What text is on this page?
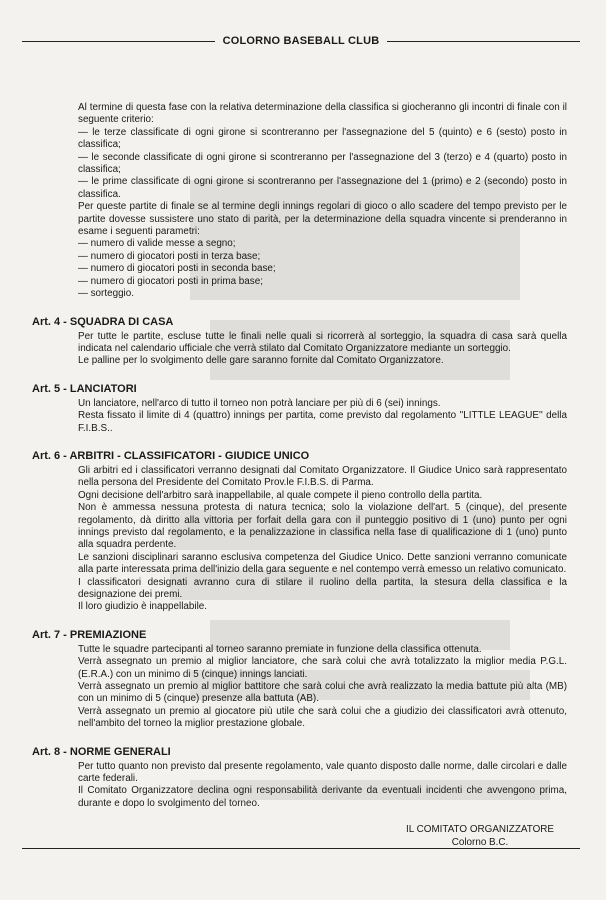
COLORNO BASEBALL CLUB

Al termine di questa fase con la relativa determinazione della classifica si giocheranno gli incontri di finale con il seguente criterio:

— le terze classificate di ogni girone si scontreranno per l'assegnazione del 5 (quinto) e 6 (sesto) posto in classifica;

— le seconde classificate di ogni girone si scontreranno per l'assegnazione del 3 (terzo) e 4 (quarto) posto in classifica;

— le prime classificate di ogni girone si scontreranno per l'assegnazione del 1 (primo) e 2 (secondo) posto in classifica.

Per queste partite di finale se al termine degli innings regolari di gioco o allo scadere del tempo previsto per le partite dovesse sussistere uno stato di parità, per la determinazione della squadra vincente si prenderanno in esame i seguenti parametri:

— numero di valide messe a segno;

— numero di giocatori posti in terza base;

— numero di giocatori posti in seconda base;

— numero di giocatori posti in prima base;

— sorteggio.

Art. 4 - SQUADRA DI CASA

Per tutte le partite, escluse tutte le finali nelle quali si ricorrerà al sorteggio, la squadra di casa sarà quella indicata nel calendario ufficiale che verrà stilato dal Comitato Organizzatore mediante un sorteggio.

Le palline per lo svolgimento delle gare saranno fornite dal Comitato Organizzatore.

Art. 5 - LANCIATORI

Un lanciatore, nell'arco di tutto il torneo non potrà lanciare per più di 6 (sei) innings.

Resta fissato il limite di 4 (quattro) innings per partita, come previsto dal regolamento ''LITTLE LEAGUE'' della F.I.B.S..

Art. 6 - ARBITRI - CLASSIFICATORI - GIUDICE UNICO

Gli arbitri ed i classificatori verranno designati dal Comitato Organizzatore. Il Giudice Unico sarà rappresentato nella persona del Presidente del Comitato Prov.le F.I.B.S. di Parma.

Ogni decisione dell'arbitro sarà inappellabile, al quale compete il pieno controllo della partita.

Non è ammessa nessuna protesta di natura tecnica; solo la violazione dell'art. 5 (cinque), del presente regolamento, dà diritto alla vittoria per forfait della gara con il punteggio positivo di 1 (uno) punto per ogni innings previsto dal regolamento, e la penalizzazione in classifica nella fase di qualificazione di 1 (uno) punto alla squadra perdente.

Le sanzioni disciplinari saranno esclusiva competenza del Giudice Unico. Dette sanzioni verranno comunicate alla parte interessata prima dell'inizio della gara seguente e nel contempo verrà emesso un relativo comunicato.

I classificatori designati avranno cura di stilare il ruolino della partita, la stesura della classifica e la designazione dei premi.

Il loro giudizio è inappellabile.

Art. 7 - PREMIAZIONE

Tutte le squadre partecipanti al torneo saranno premiate in funzione della classifica ottenuta.

Verrà assegnato un premio al miglior lanciatore, che sarà colui che avrà totalizzato la miglior media P.G.L. (E.R.A.) con un minimo di 5 (cinque) innings lanciati.

Verrà assegnato un premio al miglior battitore che sarà colui che avrà realizzato la media battute più alta (MB) con un minimo di 5 (cinque) presenze alla battuta (AB).

Verrà assegnato un premio al giocatore più utile che sarà colui che a giudizio dei classificatori avrà ottenuto, nell'ambito del torneo la miglior prestazione globale.

Art. 8 - NORME GENERALI

Per tutto quanto non previsto dal presente regolamento, vale quanto disposto dalle norme, dalle circolari e dalle carte federali.

Il Comitato Organizzatore declina ogni responsabilità derivante da eventuali incidenti che avvengono prima, durante e dopo lo svolgimento del torneo.

IL COMITATO ORGANIZZATORE
Colorno B.C.
